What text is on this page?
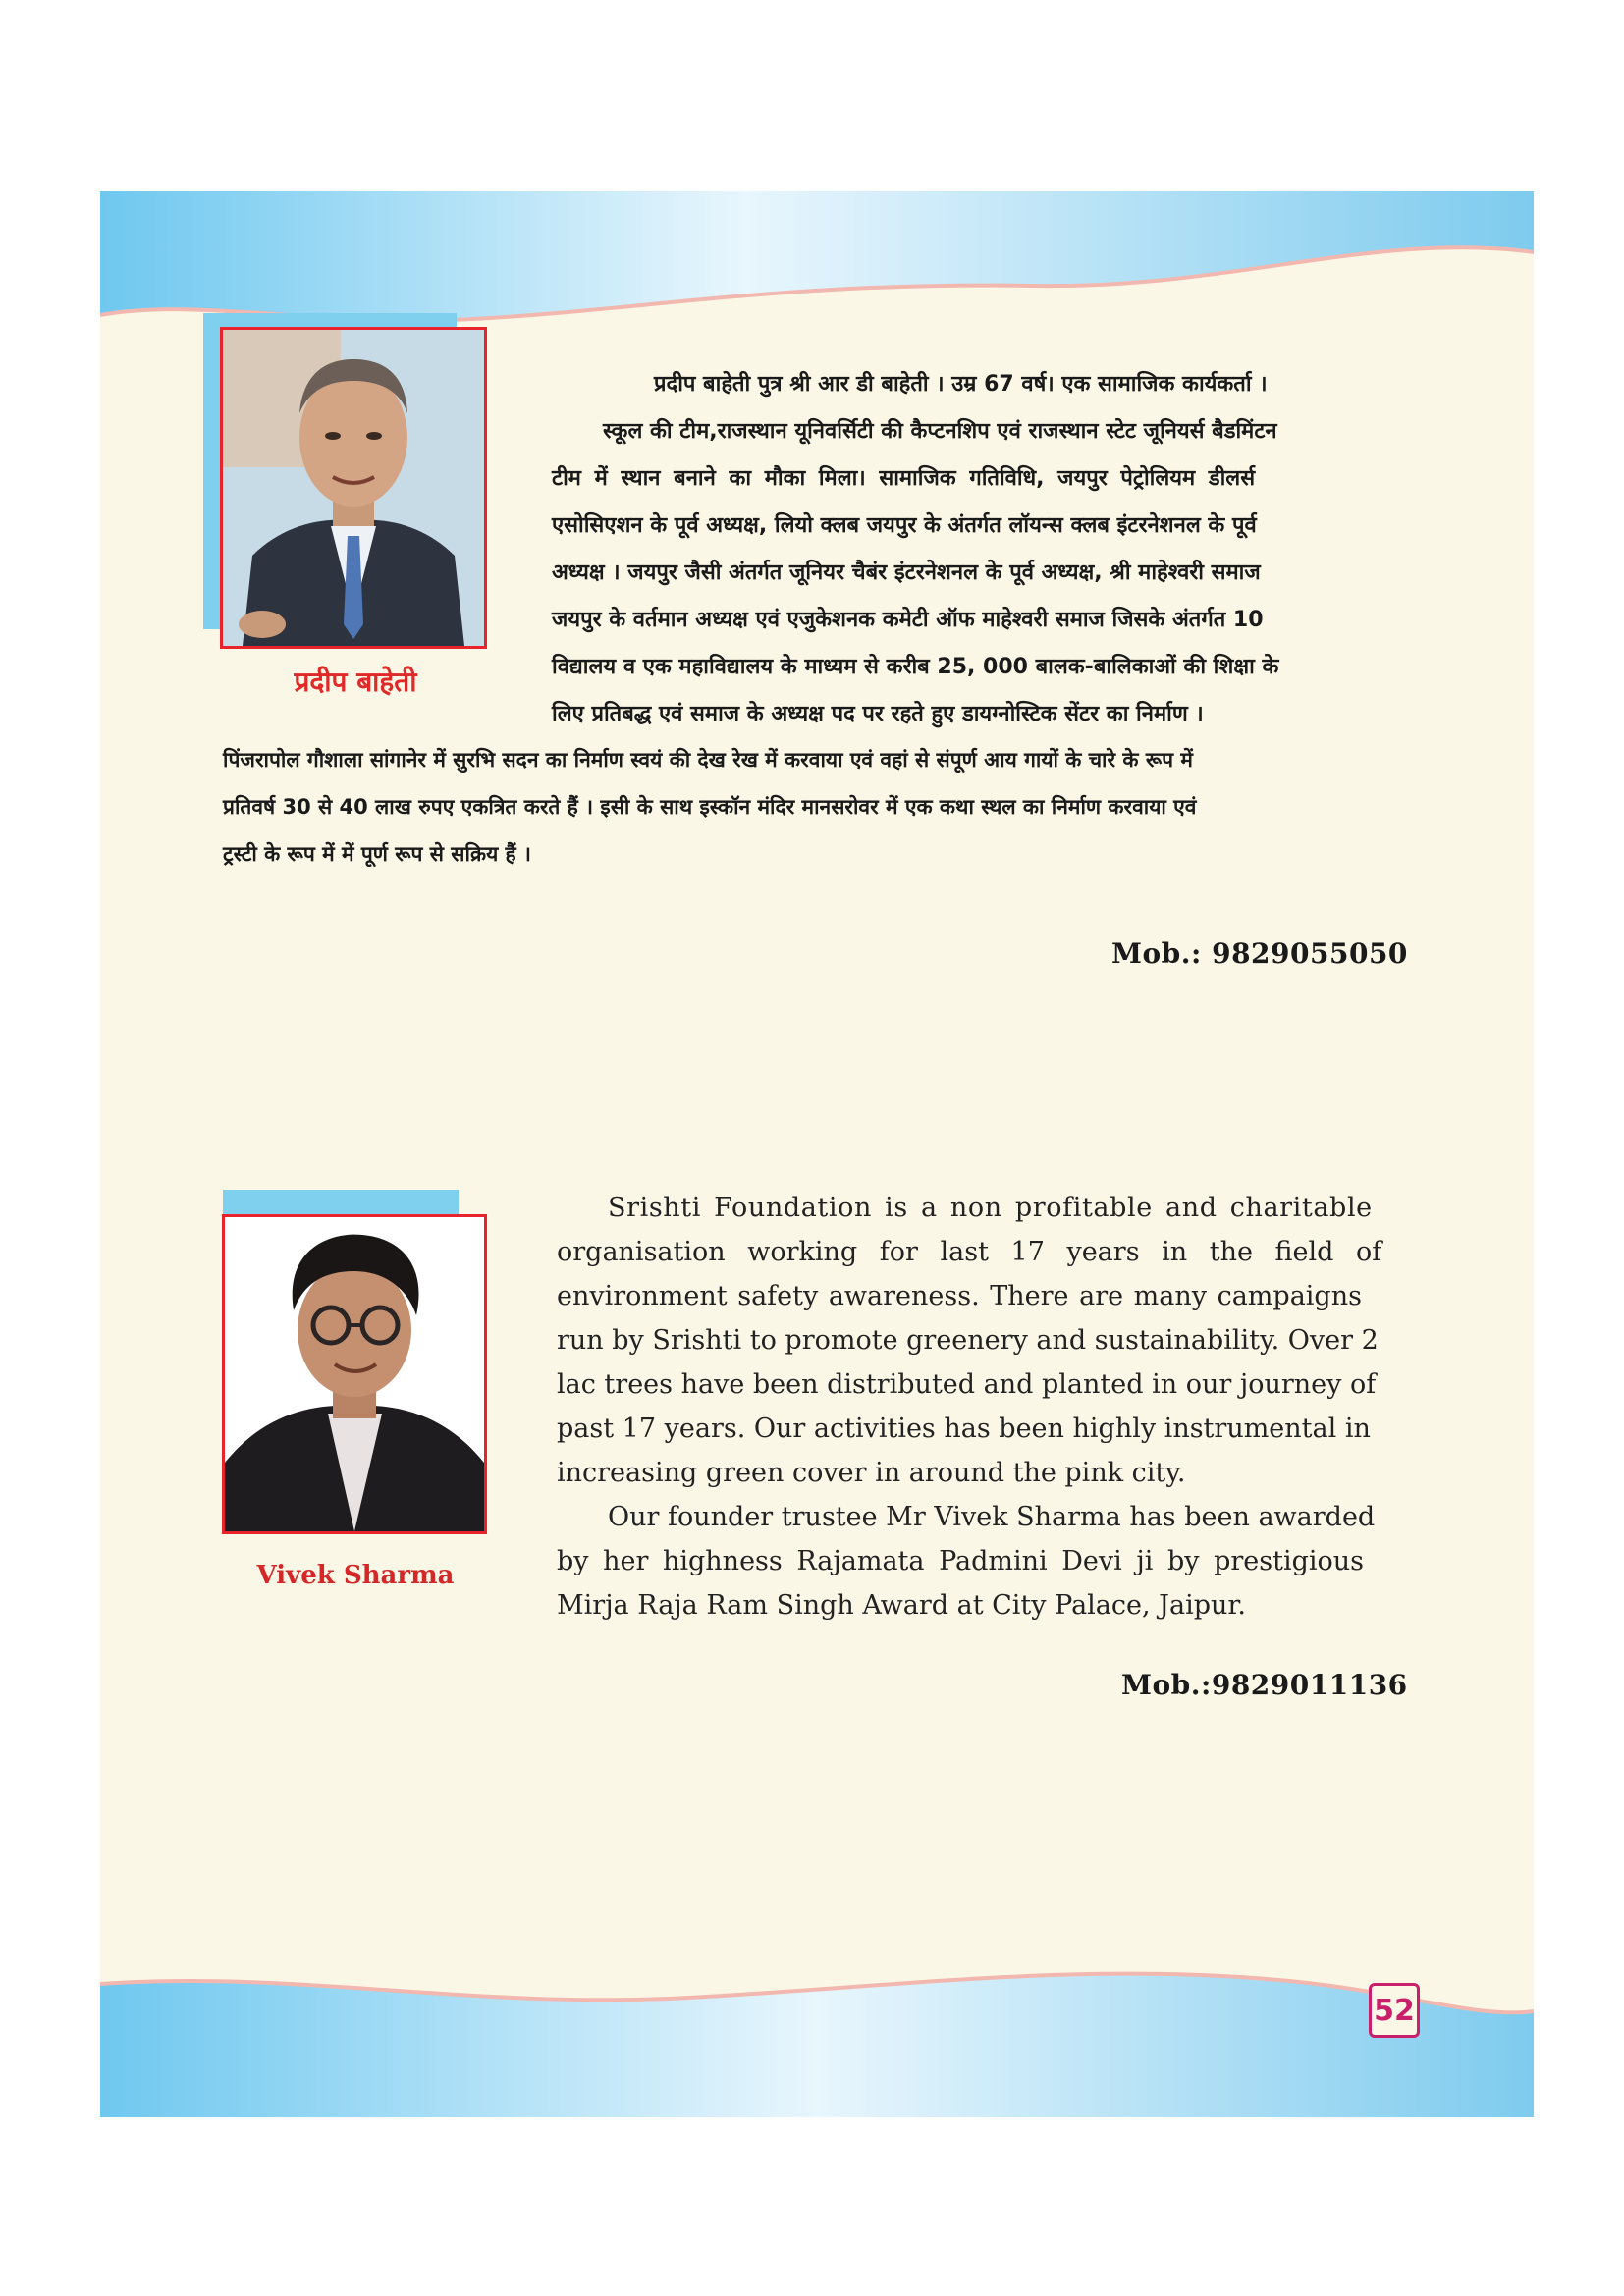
प्रदीप बाहेती
प्रदीप बाहेती पुत्र श्री आर डी बाहेती । उम्र 67 वर्ष। एक सामाजिक कार्यकर्ता ।
स्कूल की टीम,राजस्थान यूनिवर्सिटी की कैप्टनशिप एवं राजस्थान स्टेट जूनियर्स बैडमिंटन
टीम में स्थान बनाने का मौका मिला। सामाजिक गतिविधि, जयपुर पेट्रोलियम डीलर्स
एसोसिएशन के पूर्व अध्यक्ष, लियो क्लब जयपुर के अंतर्गत लॉयन्स क्लब इंटरनेशनल के पूर्व
अध्यक्ष । जयपुर जैसी अंतर्गत जूनियर चैबंर इंटरनेशनल के पूर्व अध्यक्ष, श्री माहेश्वरी समाज
जयपुर के वर्तमान अध्यक्ष एवं एजुकेशनक कमेटी ऑफ माहेश्वरी समाज जिसके अंतर्गत 10
विद्यालय व एक महाविद्यालय के माध्यम से करीब 25, 000 बालक-बालिकाओं की शिक्षा के
लिए प्रतिबद्ध एवं समाज के अध्यक्ष पद पर रहते हुए डायग्नोस्टिक सेंटर का निर्माण ।
पिंजरापोल गौशाला सांगानेर में सुरभि सदन का निर्माण स्वयं की देख रेख में करवाया एवं वहां से संपूर्ण आय गायों के चारे के रूप में
प्रतिवर्ष 30 से 40 लाख रुपए एकत्रित करते हैं । इसी के साथ इस्कॉन मंदिर मानसरोवर में एक कथा स्थल का निर्माण करवाया एवं
ट्रस्टी के रूप में में पूर्ण रूप से सक्रिय हैं ।
Mob.: 9829055050
Vivek Sharma
Srishti Foundation is a non profitable and charitable
organisation working for last 17 years in the field of
environment safety awareness. There are many campaigns
run by Srishti to promote greenery and sustainability. Over 2
lac trees have been distributed and planted in our journey of
past 17 years. Our activities has been highly instrumental in
increasing green cover in around the pink city.
Our founder trustee Mr Vivek Sharma has been awarded
by her highness Rajamata Padmini Devi ji by prestigious
Mirja Raja Ram Singh Award at City Palace, Jaipur.
Mob.:9829011136
52
